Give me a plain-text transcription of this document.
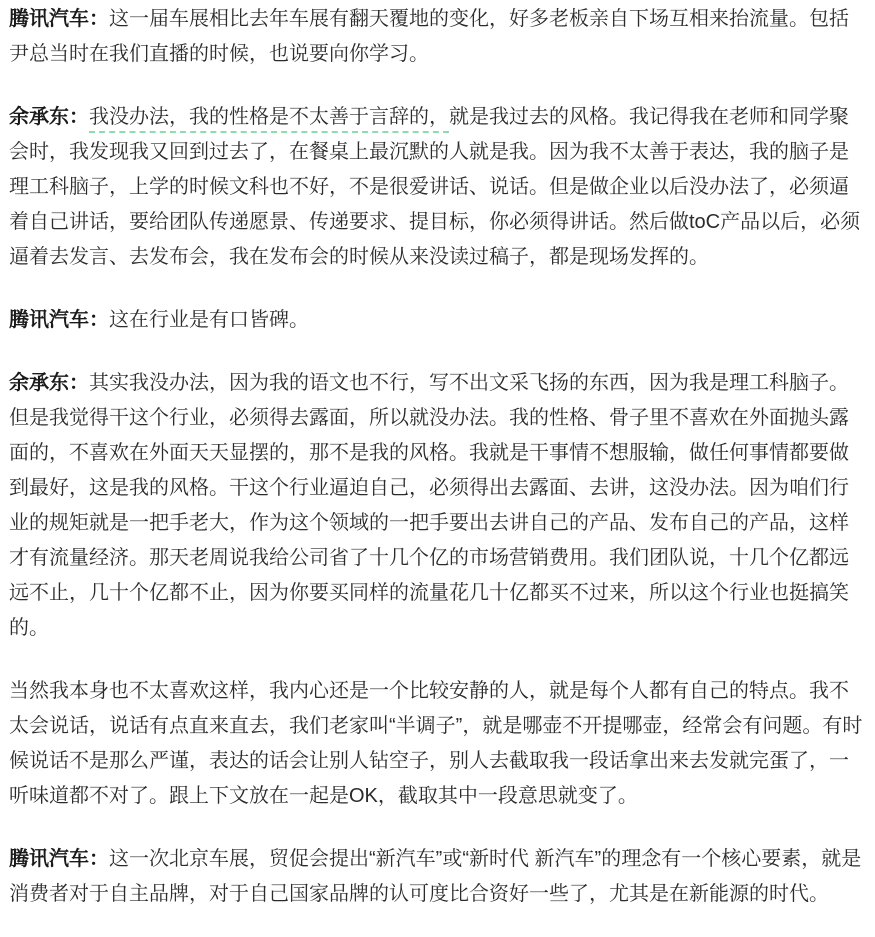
腾讯汽车：这一届车展相比去年车展有翻天覆地的变化，好多老板亲自下场互相来抬流量。包括尹总当时在我们直播的时候，也说要向你学习。

余承东：我没办法，我的性格是不太善于言辞的，就是我过去的风格。我记得我在老师和同学聚会时，我发现我又回到过去了，在餐桌上最沉默的人就是我。因为我不太善于表达，我的脑子是理工科脑子，上学的时候文科也不好，不是很爱讲话、说话。但是做企业以后没办法了，必须逼着自己讲话，要给团队传递愿景、传递要求、提目标，你必须得讲话。然后做toC产品以后，必须逼着去发言、去发布会，我在发布会的时候从来没读过稿子，都是现场发挥的。

腾讯汽车：这在行业是有口皆碑。

余承东：其实我没办法，因为我的语文也不行，写不出文采飞扬的东西，因为我是理工科脑子。但是我觉得干这个行业，必须得去露面，所以就没办法。我的性格、骨子里不喜欢在外面抛头露面的，不喜欢在外面天天显摆的，那不是我的风格。我就是干事情不想服输，做任何事情都要做到最好，这是我的风格。干这个行业逼迫自己，必须得出去露面、去讲，这没办法。因为咱们行业的规矩就是一把手老大，作为这个领域的一把手要出去讲自己的产品、发布自己的产品，这样才有流量经济。那天老周说我给公司省了十几个亿的市场营销费用。我们团队说，十几个亿都远远不止，几十个亿都不止，因为你要买同样的流量花几十亿都买不过来，所以这个行业也挺搞笑的。

当然我本身也不太喜欢这样，我内心还是一个比较安静的人，就是每个人都有自己的特点。我不太会说话，说话有点直来直去，我们老家叫“半调子”，就是哪壶不开提哪壶，经常会有问题。有时候说话不是那么严谨，表达的话会让别人钻空子，别人去截取我一段话拿出来去发就完蛋了，一听味道都不对了。跟上下文放在一起是OK，截取其中一段意思就变了。

腾讯汽车：这一次北京车展，贸促会提出“新汽车”或“新时代 新汽车”的理念有一个核心要素，就是消费者对于自主品牌，对于自己国家品牌的认可度比合资好一些了，尤其是在新能源的时代。
